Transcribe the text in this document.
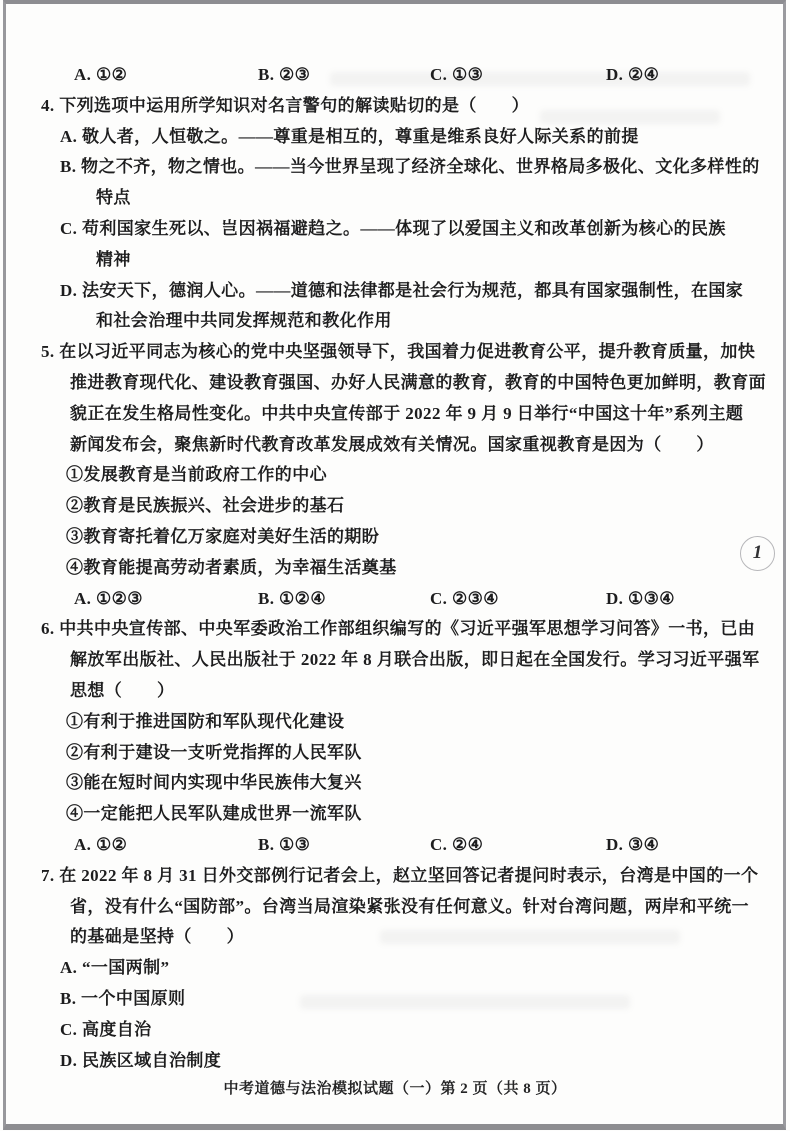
A. ①②	B. ②③	C. ①③	D. ②④
4. 下列选项中运用所学知识对名言警句的解读贴切的是（　　）
A. 敬人者，人恒敬之。——尊重是相互的，尊重是维系良好人际关系的前提
B. 物之不齐，物之情也。——当今世界呈现了经济全球化、世界格局多极化、文化多样性的
特点
C. 苟利国家生死以、岂因祸福避趋之。——体现了以爱国主义和改革创新为核心的民族
精神
D. 法安天下，德润人心。——道德和法律都是社会行为规范，都具有国家强制性，在国家
和社会治理中共同发挥规范和教化作用
5. 在以习近平同志为核心的党中央坚强领导下，我国着力促进教育公平，提升教育质量，加快
推进教育现代化、建设教育强国、办好人民满意的教育，教育的中国特色更加鲜明，教育面
貌正在发生格局性变化。中共中央宣传部于 2022 年 9 月 9 日举行“中国这十年”系列主题
新闻发布会，聚焦新时代教育改革发展成效有关情况。国家重视教育是因为（　　）
①发展教育是当前政府工作的中心
②教育是民族振兴、社会进步的基石
③教育寄托着亿万家庭对美好生活的期盼
④教育能提高劳动者素质，为幸福生活奠基
A. ①②③	B. ①②④	C. ②③④	D. ①③④
6. 中共中央宣传部、中央军委政治工作部组织编写的《习近平强军思想学习问答》一书，已由
解放军出版社、人民出版社于 2022 年 8 月联合出版，即日起在全国发行。学习习近平强军
思想（　　）
①有利于推进国防和军队现代化建设
②有利于建设一支听党指挥的人民军队
③能在短时间内实现中华民族伟大复兴
④一定能把人民军队建成世界一流军队
A. ①②	B. ①③	C. ②④	D. ③④
7. 在 2022 年 8 月 31 日外交部例行记者会上，赵立坚回答记者提问时表示，台湾是中国的一个
省，没有什么“国防部”。台湾当局渲染紧张没有任何意义。针对台湾问题，两岸和平统一
的基础是坚持（　　）
A. “一国两制”
B. 一个中国原则
C. 高度自治
D. 民族区域自治制度
1
中考道德与法治模拟试题（一）第 2 页（共 8 页）
